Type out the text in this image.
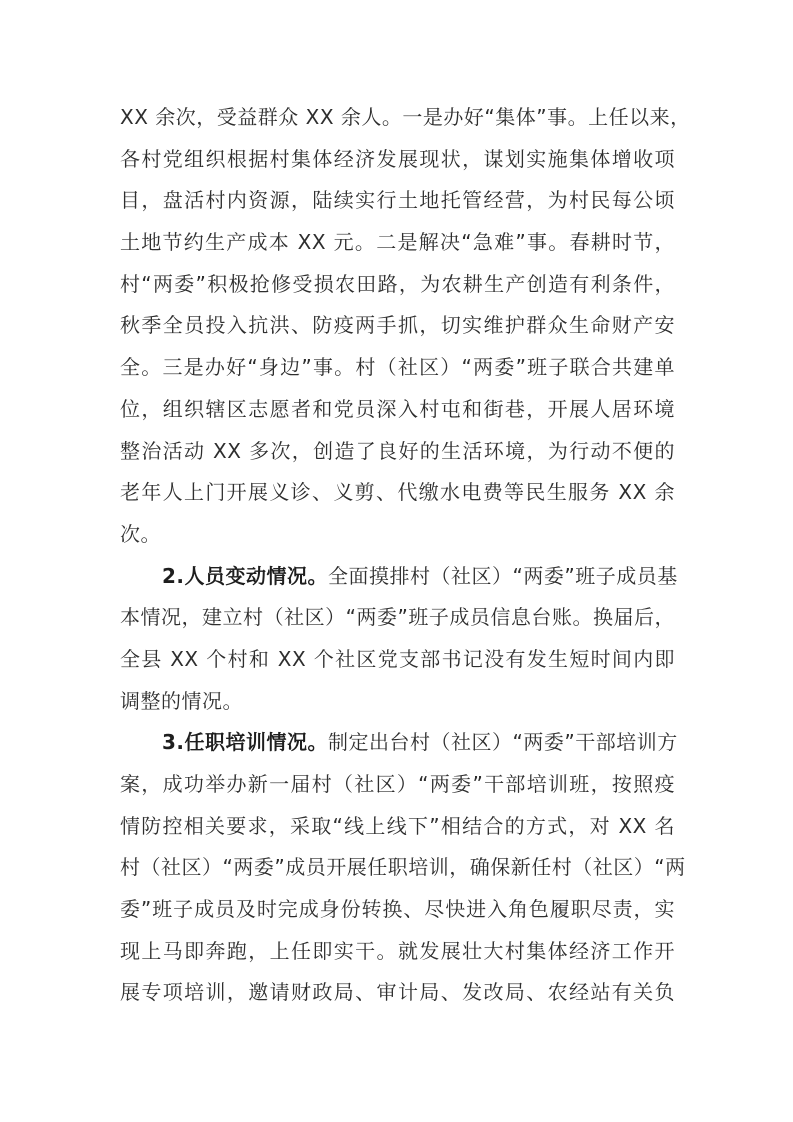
XX 余次，受益群众 XX 余人。一是办好“集体”事。上任以来，
各村党组织根据村集体经济发展现状，谋划实施集体增收项
目，盘活村内资源，陆续实行土地托管经营，为村民每公顷
土地节约生产成本 XX 元。二是解决“急难”事。春耕时节，
村“两委”积极抢修受损农田路，为农耕生产创造有利条件，
秋季全员投入抗洪、防疫两手抓，切实维护群众生命财产安
全。三是办好“身边”事。村（社区）“两委”班子联合共建单
位，组织辖区志愿者和党员深入村屯和街巷，开展人居环境
整治活动 XX 多次，创造了良好的生活环境，为行动不便的
老年人上门开展义诊、义剪、代缴水电费等民生服务 XX 余
次。
2.人员变动情况。全面摸排村（社区）“两委”班子成员基
本情况，建立村（社区）“两委”班子成员信息台账。换届后，
全县 XX 个村和 XX 个社区党支部书记没有发生短时间内即
调整的情况。
3.任职培训情况。制定出台村（社区）“两委”干部培训方
案，成功举办新一届村（社区）“两委”干部培训班，按照疫
情防控相关要求，采取“线上线下”相结合的方式，对 XX 名
村（社区）“两委”成员开展任职培训，确保新任村（社区）“两
委”班子成员及时完成身份转换、尽快进入角色履职尽责，实
现上马即奔跑，上任即实干。就发展壮大村集体经济工作开
展专项培训，邀请财政局、审计局、发改局、农经站有关负
